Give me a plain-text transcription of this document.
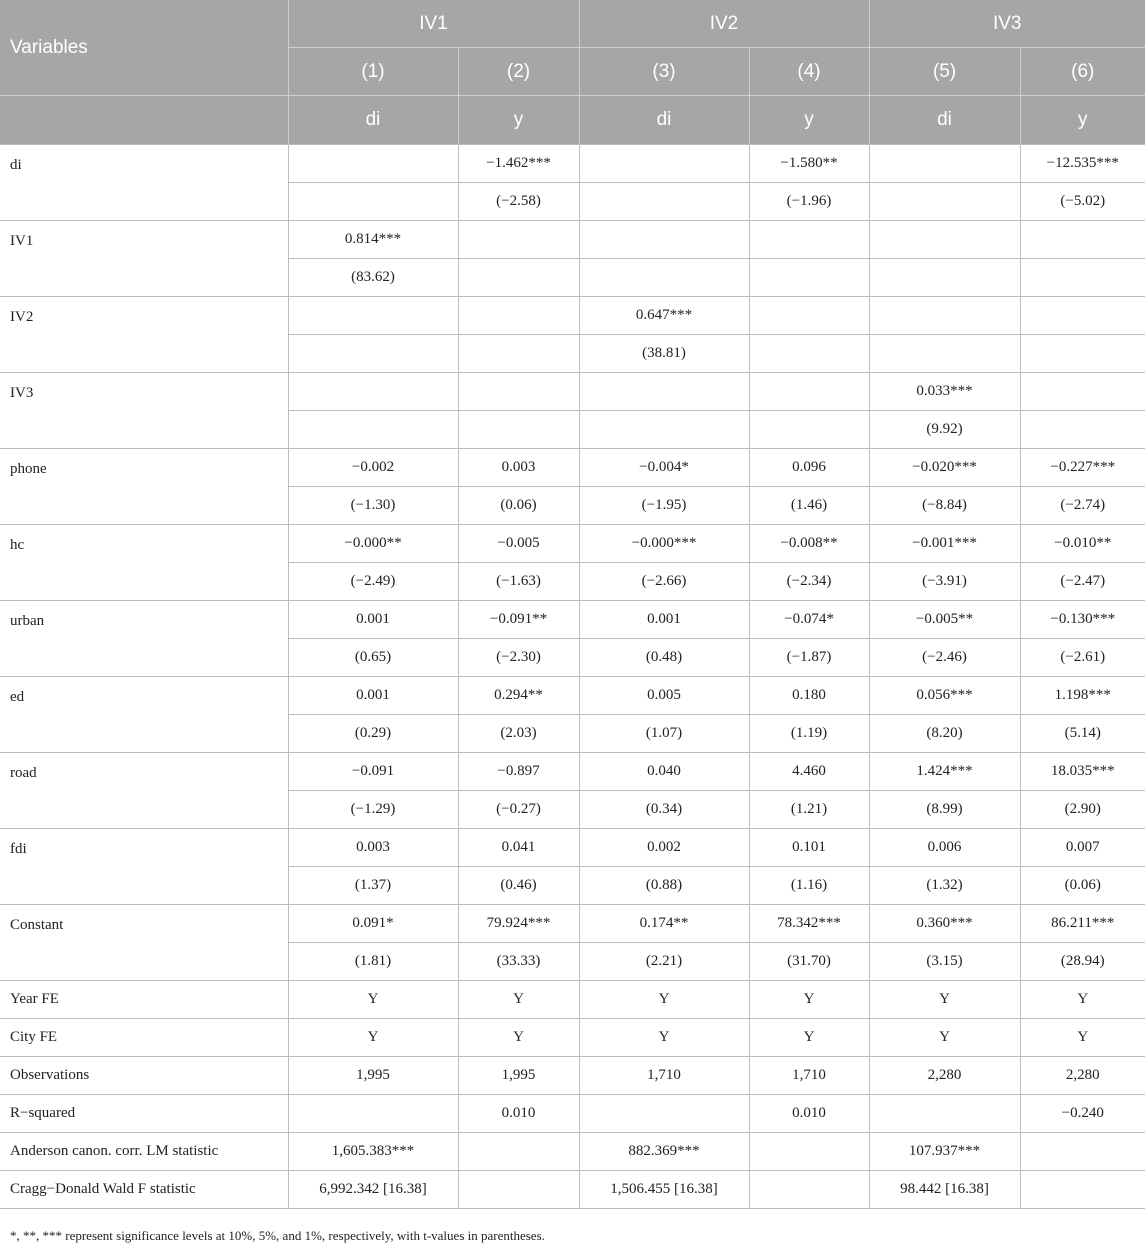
Variables	IV1		IV2		IV3	
	(1)	(2)	(3)	(4)	(5)	(6)
	di	y	di	y	di	y
di		−1.462***		−1.580**		−12.535***
		(−2.58)		(−1.96)		(−5.02)
IV1	0.814***					
	(83.62)					
IV2			0.647***			
			(38.81)			
IV3					0.033***	
					(9.92)	
phone	−0.002	0.003	−0.004*	0.096	−0.020***	−0.227***
	(−1.30)	(0.06)	(−1.95)	(1.46)	(−8.84)	(−2.74)
hc	−0.000**	−0.005	−0.000***	−0.008**	−0.001***	−0.010**
	(−2.49)	(−1.63)	(−2.66)	(−2.34)	(−3.91)	(−2.47)
urban	0.001	−0.091**	0.001	−0.074*	−0.005**	−0.130***
	(0.65)	(−2.30)	(0.48)	(−1.87)	(−2.46)	(−2.61)
ed	0.001	0.294**	0.005	0.180	0.056***	1.198***
	(0.29)	(2.03)	(1.07)	(1.19)	(8.20)	(5.14)
road	−0.091	−0.897	0.040	4.460	1.424***	18.035***
	(−1.29)	(−0.27)	(0.34)	(1.21)	(8.99)	(2.90)
fdi	0.003	0.041	0.002	0.101	0.006	0.007
	(1.37)	(0.46)	(0.88)	(1.16)	(1.32)	(0.06)
Constant	0.091*	79.924***	0.174**	78.342***	0.360***	86.211***
	(1.81)	(33.33)	(2.21)	(31.70)	(3.15)	(28.94)
Year FE	Y	Y	Y	Y	Y	Y
City FE	Y	Y	Y	Y	Y	Y
Observations	1,995	1,995	1,710	1,710	2,280	2,280
R−squared		0.010		0.010		−0.240
Anderson canon. corr. LM statistic	1,605.383***		882.369***		107.937***	
Cragg−Donald Wald F statistic	6,992.342 [16.38]		1,506.455 [16.38]		98.442 [16.38]	
*, **, *** represent significance levels at 10%, 5%, and 1%, respectively, with t-values in parentheses.
